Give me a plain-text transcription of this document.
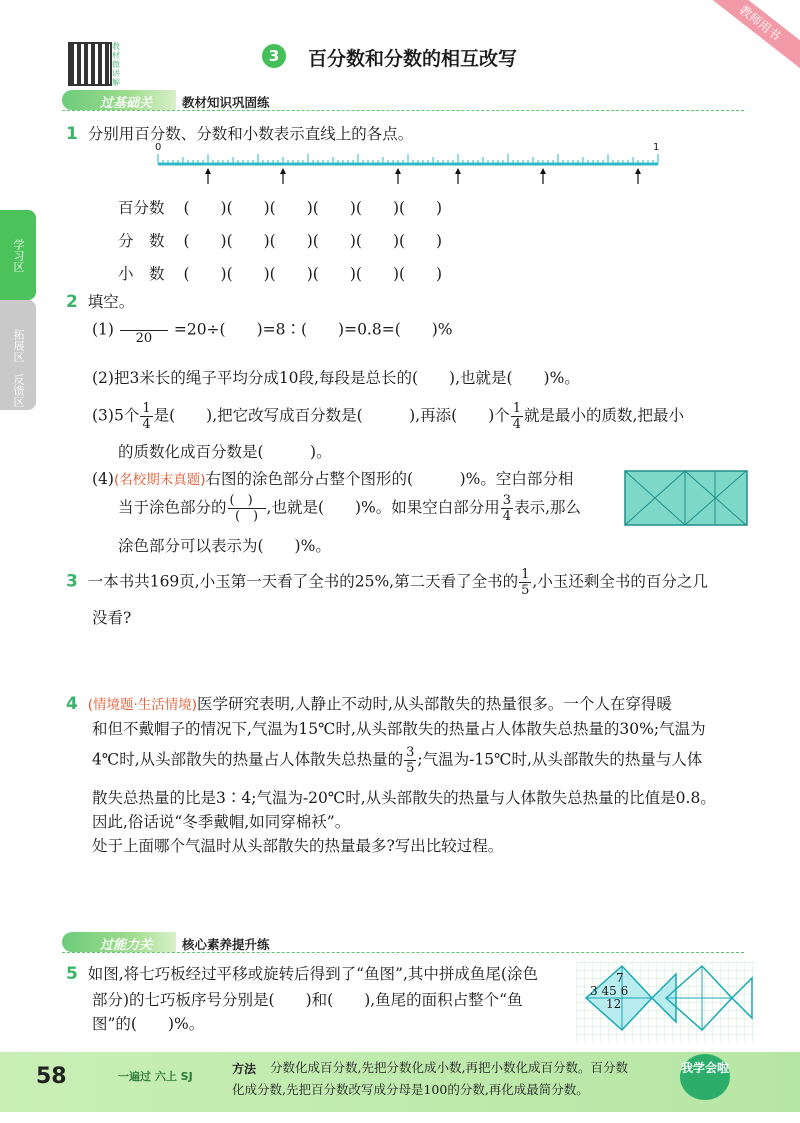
教师用书
教材微讲解
3	百分数和分数的相互改写
学习区
拓展区
反馈区
过基础关 教材知识巩固练
1 分别用百分数、分数和小数表示直线上的各点。
0	1
百分数 (　　)(　　)(　　)(　　)(　　)(　　)
分　数 (　　)(　　)(　　)(　　)(　　)(　　)
小　数 (　　)(　　)(　　)(　　)(　　)(　　)
2 填空。
(1)
20 =20÷(　　)=8∶(　　)=0.8=(　　)%
(2)把3米长的绳子平均分成10段,每段是总长的(　　),也就是(　　)%。
(3)5个 $\frac{1}{4}$ 是(　　),把它改写成百分数是(　　　),再添(　　)个 $\frac{1}{4}$ 就是最小的质数,把最小
的质数化成百分数是(　　　)。
(4)(名校期末真题)右图的涂色部分占整个图形的(　　　)%。空白部分相
当于涂色部分的 $\frac{( )}{( )}$ ,也就是(　　)%。如果空白部分用 $\frac{3}{4}$ 表示,那么
涂色部分可以表示为(　　)%。
3 一本书共169页,小玉第一天看了全书的25%,第二天看了全书的 $\frac{1}{5}$ ,小玉还剩全书的百分之几
没看?
4 (情境题·生活情境)医学研究表明,人静止不动时,从头部散失的热量很多。一个人在穿得暖
和但不戴帽子的情况下,气温为15℃时,从头部散失的热量占人体散失总热量的30%;气温为
4℃时,从头部散失的热量占人体散失总热量的 $\frac{3}{5}$ ;气温为-15℃时,从头部散失的热量与人体
散失总热量的比是3∶4;气温为-20℃时,从头部散失的热量与人体散失总热量的比值是0.8。
因此,俗话说“冬季戴帽,如同穿棉袄”。
处于上面哪个气温时从头部散失的热量最多?写出比较过程。
过能力关 核心素养提升练
5 如图,将七巧板经过平移或旋转后得到了“鱼图”,其中拼成鱼尾(涂色
部分)的七巧板序号分别是(　　)和(　　),鱼尾的面积占整个“鱼
图”的(　　)%。
7
3 45 6
12
58	一遍过 六上 SJ
方法 分数化成百分数,先把分数化成小数,再把小数化成百分数。百分数
化成分数,先把百分数改写成分母是100的分数,再化成最简分数。
我学会啦
